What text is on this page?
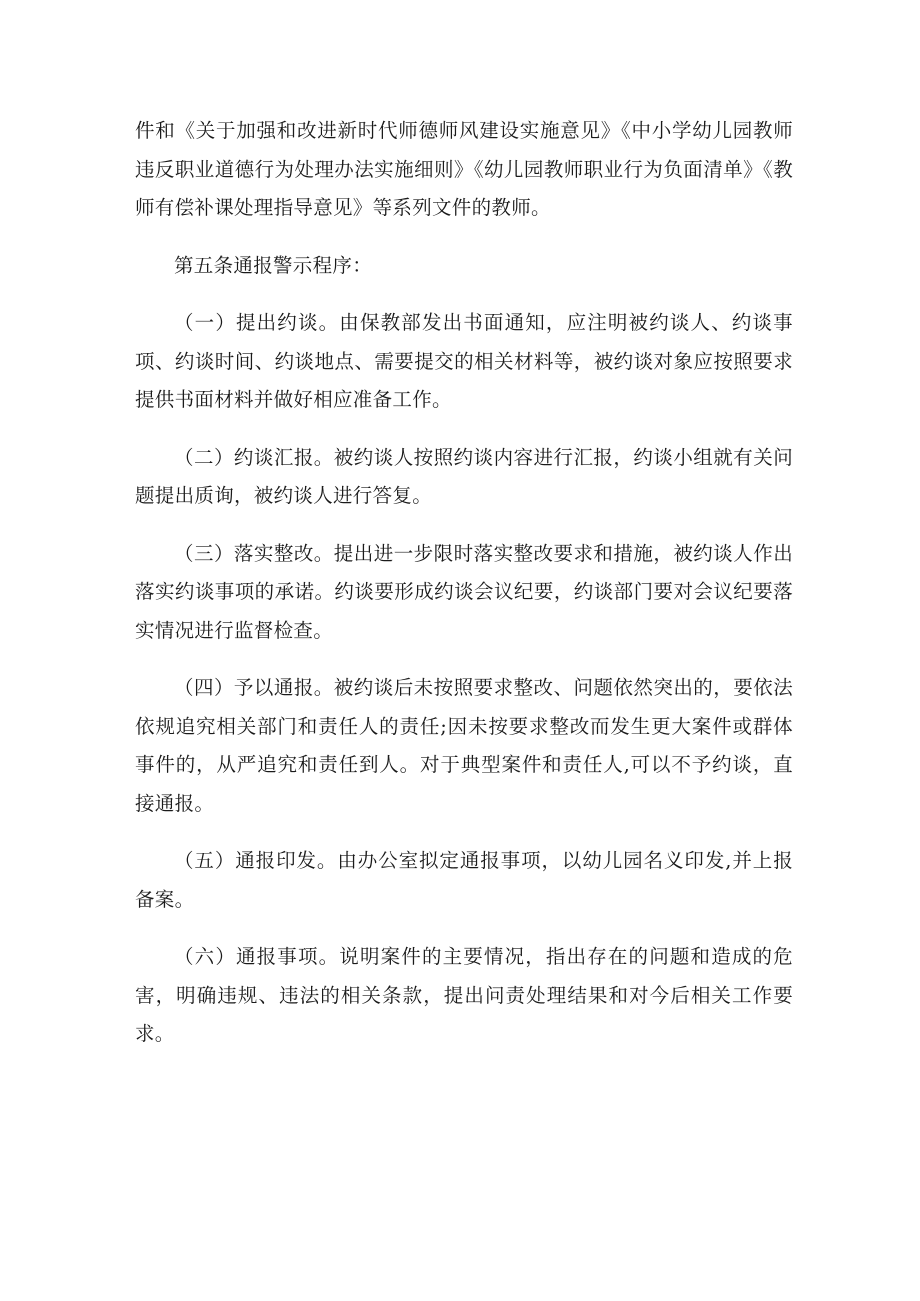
件和《关于加强和改进新时代师德师风建设实施意见》《中小学幼儿园教师违反职业道德行为处理办法实施细则》《幼儿园教师职业行为负面清单》《教师有偿补课处理指导意见》等系列文件的教师。

第五条通报警示程序：

（一）提出约谈。由保教部发出书面通知，应注明被约谈人、约谈事项、约谈时间、约谈地点、需要提交的相关材料等，被约谈对象应按照要求提供书面材料并做好相应准备工作。

（二）约谈汇报。被约谈人按照约谈内容进行汇报，约谈小组就有关问题提出质询，被约谈人进行答复。

（三）落实整改。提出进一步限时落实整改要求和措施，被约谈人作出落实约谈事项的承诺。约谈要形成约谈会议纪要，约谈部门要对会议纪要落实情况进行监督检查。

（四）予以通报。被约谈后未按照要求整改、问题依然突出的，要依法依规追究相关部门和责任人的责任;因未按要求整改而发生更大案件或群体事件的，从严追究和责任到人。对于典型案件和责任人,可以不予约谈，直接通报。

（五）通报印发。由办公室拟定通报事项，以幼儿园名义印发,并上报备案。

（六）通报事项。说明案件的主要情况，指出存在的问题和造成的危害，明确违规、违法的相关条款，提出问责处理结果和对今后相关工作要求。
